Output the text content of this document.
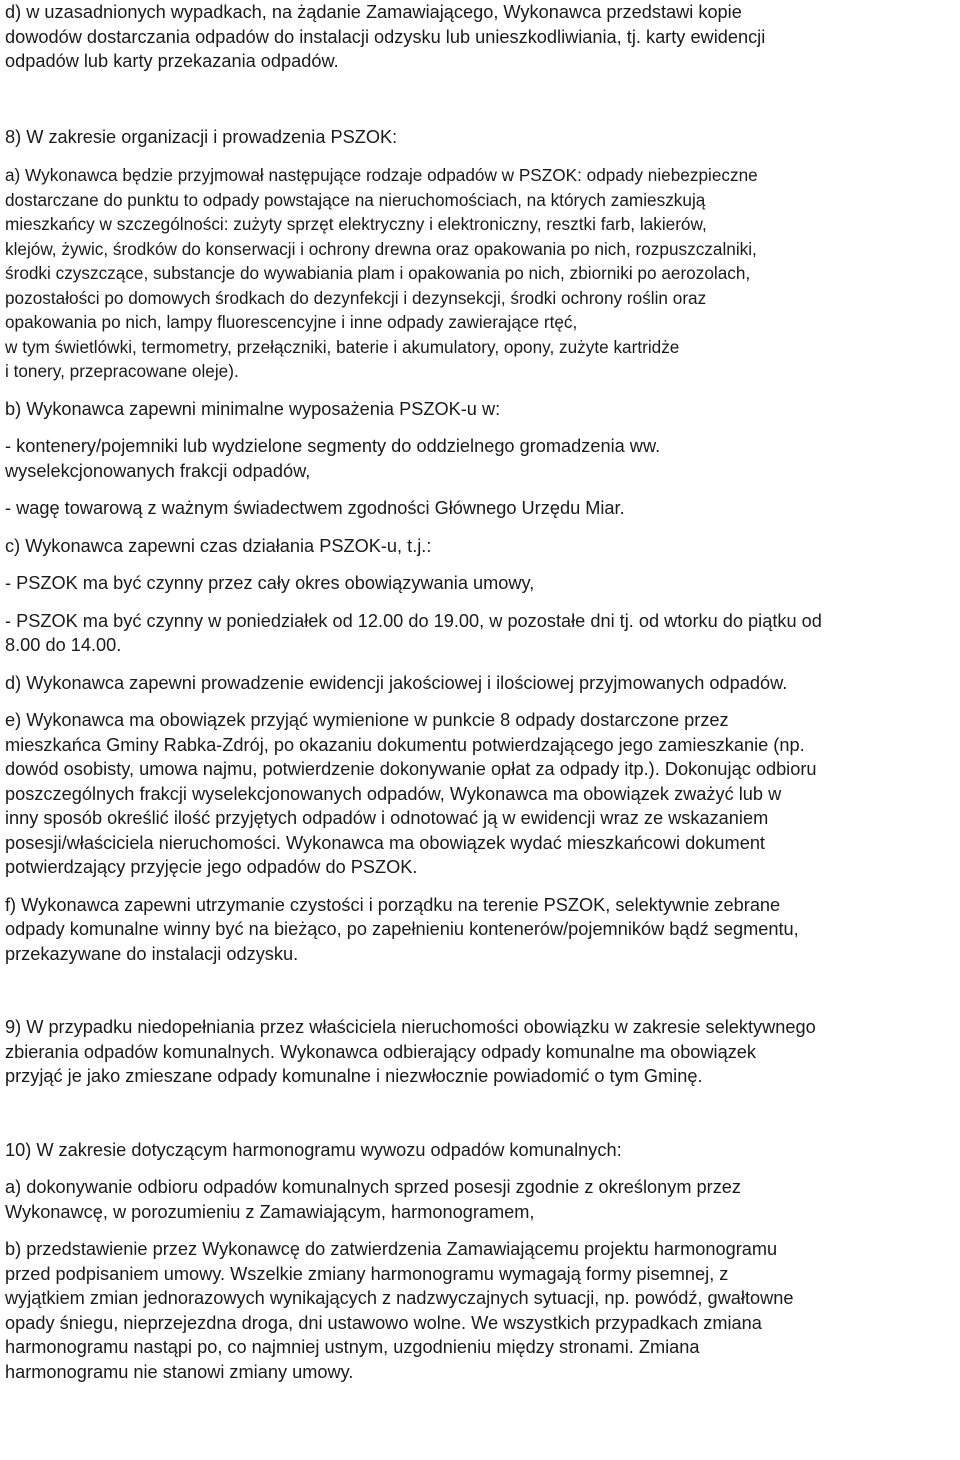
d) w uzasadnionych wypadkach, na żądanie Zamawiającego, Wykonawca przedstawi kopie
dowodów dostarczania odpadów do instalacji odzysku lub unieszkodliwiania, tj. karty ewidencji
odpadów lub karty przekazania odpadów.

8) W zakresie organizacji i prowadzenia PSZOK:

a) Wykonawca będzie przyjmował następujące rodzaje odpadów w PSZOK: odpady niebezpieczne
dostarczane do punktu to odpady powstające na nieruchomościach, na których zamieszkują
mieszkańcy w szczególności: zużyty sprzęt elektryczny i elektroniczny, resztki farb, lakierów,
klejów, żywic, środków do konserwacji i ochrony drewna oraz opakowania po nich, rozpuszczalniki,
środki czyszczące, substancje do wywabiania plam i opakowania po nich, zbiorniki po aerozolach,
pozostałości po domowych środkach do dezynfekcji i dezynsekcji, środki ochrony roślin oraz
opakowania po nich, lampy fluorescencyjne i inne odpady zawierające rtęć,
w tym świetlówki, termometry, przełączniki, baterie i akumulatory, opony, zużyte kartridże
i tonery, przepracowane oleje).

b) Wykonawca zapewni minimalne wyposażenia PSZOK-u w:

- kontenery/pojemniki lub wydzielone segmenty do oddzielnego gromadzenia ww.
wyselekcjonowanych frakcji odpadów,

- wagę towarową z ważnym świadectwem zgodności Głównego Urzędu Miar.

c) Wykonawca zapewni czas działania PSZOK-u, t.j.:

- PSZOK ma być czynny przez cały okres obowiązywania umowy,

- PSZOK ma być czynny w poniedziałek od 12.00 do 19.00, w pozostałe dni tj. od wtorku do piątku od
8.00 do 14.00.

d) Wykonawca zapewni prowadzenie ewidencji jakościowej i ilościowej przyjmowanych odpadów.

e) Wykonawca ma obowiązek przyjąć wymienione w punkcie 8 odpady dostarczone przez
mieszkańca Gminy Rabka-Zdrój, po okazaniu dokumentu potwierdzającego jego zamieszkanie (np.
dowód osobisty, umowa najmu, potwierdzenie dokonywanie opłat za odpady itp.). Dokonując odbioru
poszczególnych frakcji wyselekcjonowanych odpadów, Wykonawca ma obowiązek zważyć lub w
inny sposób określić ilość przyjętych odpadów i odnotować ją w ewidencji wraz ze wskazaniem
posesji/właściciela nieruchomości. Wykonawca ma obowiązek wydać mieszkańcowi dokument
potwierdzający przyjęcie jego odpadów do PSZOK.

f) Wykonawca zapewni utrzymanie czystości i porządku na terenie PSZOK, selektywnie zebrane
odpady komunalne winny być na bieżąco, po zapełnieniu kontenerów/pojemników bądź segmentu,
przekazywane do instalacji odzysku.

9) W przypadku niedopełniania przez właściciela nieruchomości obowiązku w zakresie selektywnego
zbierania odpadów komunalnych. Wykonawca odbierający odpady komunalne ma obowiązek
przyjąć je jako zmieszane odpady komunalne i niezwłocznie powiadomić o tym Gminę.

10) W zakresie dotyczącym harmonogramu wywozu odpadów komunalnych:

a) dokonywanie odbioru odpadów komunalnych sprzed posesji zgodnie z określonym przez
Wykonawcę, w porozumieniu z Zamawiającym, harmonogramem,

b) przedstawienie przez Wykonawcę do zatwierdzenia Zamawiającemu projektu harmonogramu
przed podpisaniem umowy. Wszelkie zmiany harmonogramu wymagają formy pisemnej, z
wyjątkiem zmian jednorazowych wynikających z nadzwyczajnych sytuacji, np. powódź, gwałtowne
opady śniegu, nieprzejezdna droga, dni ustawowo wolne. We wszystkich przypadkach zmiana
harmonogramu nastąpi po, co najmniej ustnym, uzgodnieniu między stronami. Zmiana
harmonogramu nie stanowi zmiany umowy.
